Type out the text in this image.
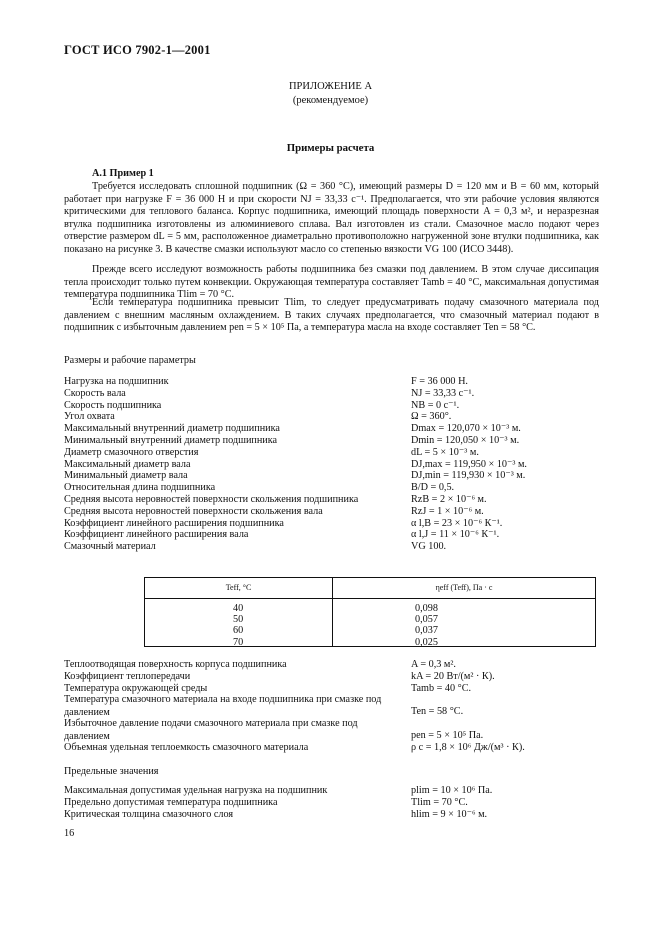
ГОСТ ИСО 7902-1—2001
ПРИЛОЖЕНИЕ А
(рекомендуемое)
Примеры расчета
А.1 Пример 1
Требуется исследовать сплошной подшипник (Ω = 360 °С), имеющий размеры D = 120 мм и B = 60 мм, который работает при нагрузке F = 36 000 Н и при скорости NJ = 33,33 с⁻¹. Предполагается, что эти рабочие условия являются критическими для теплового баланса. Корпус подшипника, имеющий площадь поверхности A = 0,3 м², и неразрезная втулка подшипника изготовлены из алюминиевого сплава. Вал изготовлен из стали. Смазочное масло подают через отверстие размером dL = 5 мм, расположенное диаметрально противоположно нагруженной зоне втулки подшипника, как показано на рисунке 3. В качестве смазки используют масло со степенью вязкости VG 100 (ИСО 3448).
Прежде всего исследуют возможность работы подшипника без смазки под давлением. В этом случае диссипация тепла происходит только путем конвекции. Окружающая температура составляет Tamb = 40 °С, максимальная допустимая температура подшипника Tlim = 70 °С.
Если температура подшипника превысит Tlim, то следует предусматривать подачу смазочного материала под давлением с внешним масляным охлаждением. В таких случаях предполагается, что смазочный материал подают в подшипник с избыточным давлением pen = 5 × 10⁵ Па, а температура масла на входе составляет Ten = 58 °С.
Размеры и рабочие параметры
Нагрузка на подшипник	F = 36 000 Н.
Скорость вала	NJ = 33,33 с⁻¹.
Скорость подшипника	NB = 0 с⁻¹.
Угол охвата	Ω = 360°.
Максимальный внутренний диаметр подшипника	Dmax = 120,070 × 10⁻³ м.
Минимальный внутренний диаметр подшипника	Dmin = 120,050 × 10⁻³ м.
Диаметр смазочного отверстия	dL = 5 × 10⁻³ м.
Максимальный диаметр вала	DJ,max = 119,950 × 10⁻³ м.
Минимальный диаметр вала	DJ,min = 119,930 × 10⁻³ м.
Относительная длина подшипника	B/D = 0,5.
Средняя высота неровностей поверхности скольжения подшипника	RzB = 2 × 10⁻⁶ м.
Средняя высота неровностей поверхности скольжения вала	RzJ = 1 × 10⁻⁶ м.
Коэффициент линейного расширения подшипника	α l,B = 23 × 10⁻⁶ К⁻¹.
Коэффициент линейного расширения вала	α l,J = 11 × 10⁻⁶ К⁻¹.
Смазочный материал	VG 100.
Teff, °C	ηeff (Teff), Па · с
40	0,098
50	0,057
60	0,037
70	0,025
Теплоотводящая поверхность корпуса подшипника	A = 0,3 м².
Коэффициент теплопередачи	kA = 20 Вт/(м² · К).
Температура окружающей среды	Tamb = 40 °С.
Температура смазочного материала на входе подшипника при смазке под давлением	Ten = 58 °С.
Избыточное давление подачи смазочного материала при смазке под давлением	pen = 5 × 10⁵ Па.
Объемная удельная теплоемкость смазочного материала	ρ c = 1,8 × 10⁶ Дж/(м³ · К).
Предельные значения
Максимальная допустимая удельная нагрузка на подшипник	plim = 10 × 10⁶ Па.
Предельно допустимая температура подшипника	Tlim = 70 °С.
Критическая толщина смазочного слоя	hlim = 9 × 10⁻⁶ м.
16
